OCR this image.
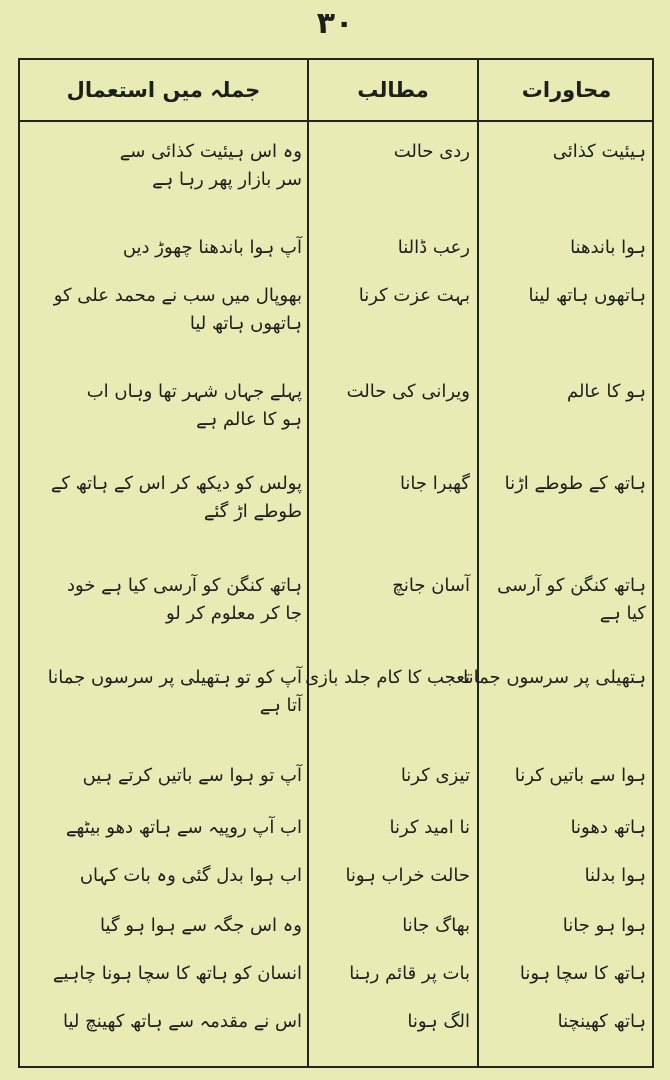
۳۰
محاورات
مطالب
جملہ میں استعمال
ہیئیت کذائی
ردی حالت
وہ اس ہیئیت کذائی سے
سر بازار پھر رہا ہے
ہوا باندھنا
رعب ڈالنا
آپ ہوا باندھنا چھوڑ دیں
ہاتھوں ہاتھ لینا
بہت عزت کرنا
بھوپال میں سب نے محمد علی کو
ہاتھوں ہاتھ لیا
ہو کا عالم
ویرانی کی حالت
پہلے جہاں شہر تھا وہاں اب
ہو کا عالم ہے
ہاتھ کے طوطے اڑنا
گھبرا جانا
پولس کو دیکھ کر اس کے ہاتھ کے
طوطے اڑ گئے
ہاتھ کنگن کو آرسی
کیا ہے
آسان جانچ
ہاتھ کنگن کو آرسی کیا ہے خود
جا کر معلوم کر لو
ہتھیلی پر سرسوں جمانا
تعجب کا کام جلد بازی
آپ کو تو ہتھیلی پر سرسوں جمانا
آتا ہے
ہوا سے باتیں کرنا
تیزی کرنا
آپ تو ہوا سے باتیں کرتے ہیں
ہاتھ دھونا
نا امید کرنا
اب آپ روپیہ سے ہاتھ دھو بیٹھے
ہوا بدلنا
حالت خراب ہونا
اب ہوا بدل گئی وہ بات کہاں
ہوا ہو جانا
بھاگ جانا
وہ اس جگہ سے ہوا ہو گیا
ہاتھ کا سچا ہونا
بات پر قائم رہنا
انسان کو ہاتھ کا سچا ہونا چاہیے
ہاتھ کھینچنا
الگ ہونا
اس نے مقدمہ سے ہاتھ کھینچ لیا
